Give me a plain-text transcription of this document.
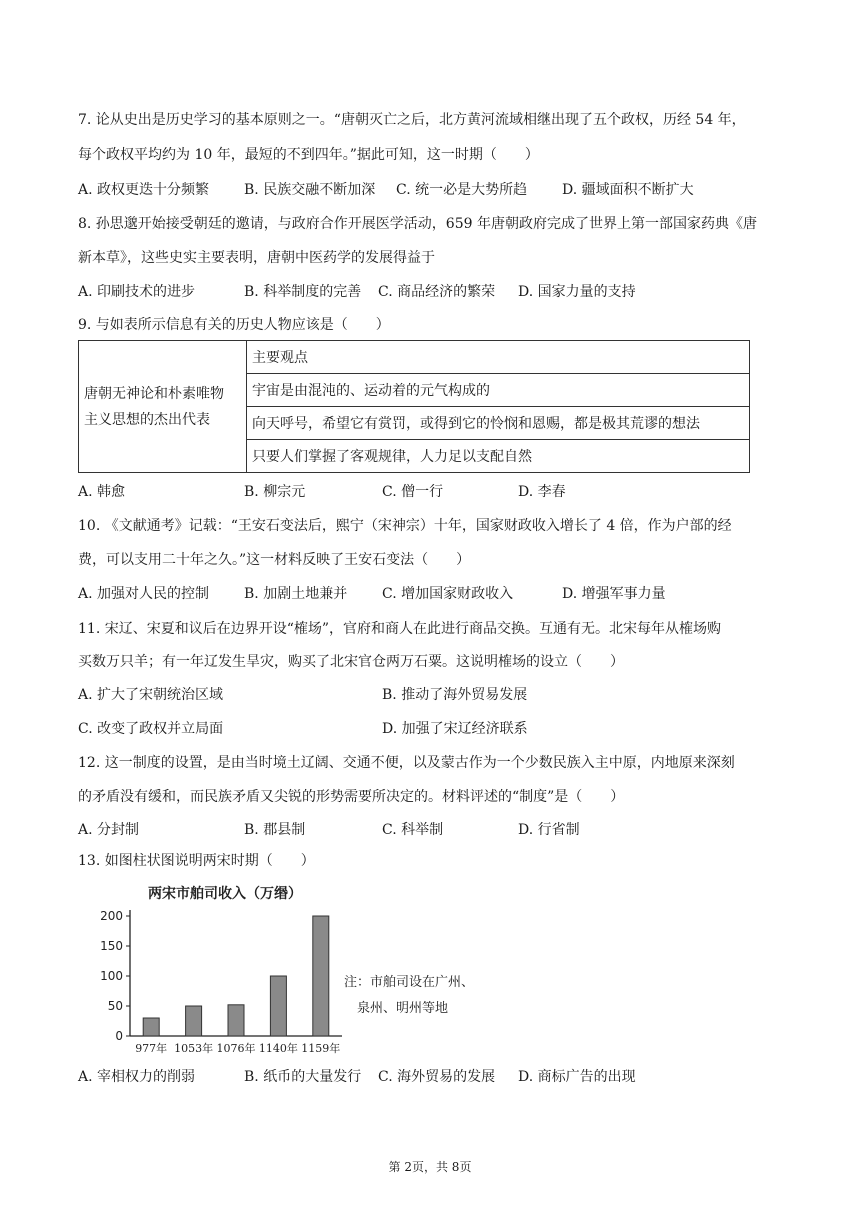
7. 论从史出是历史学习的基本原则之一。“唐朝灭亡之后，北方黄河流域相继出现了五个政权，历经 54 年，
每个政权平均约为 10 年，最短的不到四年。”据此可知，这一时期（　　）
A. 政权更迭十分频繁 B. 民族交融不断加深 C. 统一必是大势所趋 D. 疆域面积不断扩大
8. 孙思邈开始接受朝廷的邀请，与政府合作开展医学活动，659 年唐朝政府完成了世界上第一部国家药典《唐
新本草》，这些史实主要表明，唐朝中医药学的发展得益于
A. 印刷技术的进步	B. 科举制度的完善 C. 商品经济的繁荣 D. 国家力量的支持
9. 与如表所示信息有关的历史人物应该是（　　）
唐朝无神论和朴素唯物
主义思想的杰出代表
	主要观点
宇宙是由混沌的、运动着的元气构成的
向天呼号，希望它有赏罚，或得到它的怜悯和恩赐，都是极其荒谬的想法
只要人们掌握了客观规律，人力足以支配自然
A. 韩愈	B. 柳宗元	C. 僧一行	D. 李春
10. 《文献通考》记载：“王安石变法后，熙宁（宋神宗）十年，国家财政收入增长了 4 倍，作为户部的经
费，可以支用二十年之久。”这一材料反映了王安石变法（　　）
A. 加强对人民的控制 B. 加剧土地兼并 C. 增加国家财政收入	D. 增强军事力量
11. 宋辽、宋夏和议后在边界开设“榷场”，官府和商人在此进行商品交换。互通有无。北宋每年从榷场购
买数万只羊；有一年辽发生旱灾，购买了北宋官仓两万石粟。这说明榷场的设立（　　）
A. 扩大了宋朝统治区域	B. 推动了海外贸易发展
C. 改变了政权并立局面	D. 加强了宋辽经济联系
12. 这一制度的设置，是由当时境土辽阔、交通不便，以及蒙古作为一个少数民族入主中原，内地原来深刻
的矛盾没有缓和，而民族矛盾又尖锐的形势需要所决定的。材料评述的“制度”是（　　）
A. 分封制	B. 郡县制	C. 科举制	D. 行省制
13. 如图柱状图说明两宋时期（　　）
两宋市舶司收入（万缗）
0
50
100
150
200
977年 1053年 1076年 1140年 1159年
注：市舶司设在广州、
泉州、明州等地
A. 宰相权力的削弱	B. 纸币的大量发行 C. 海外贸易的发展 D. 商标广告的出现
第 2页，共 8页
